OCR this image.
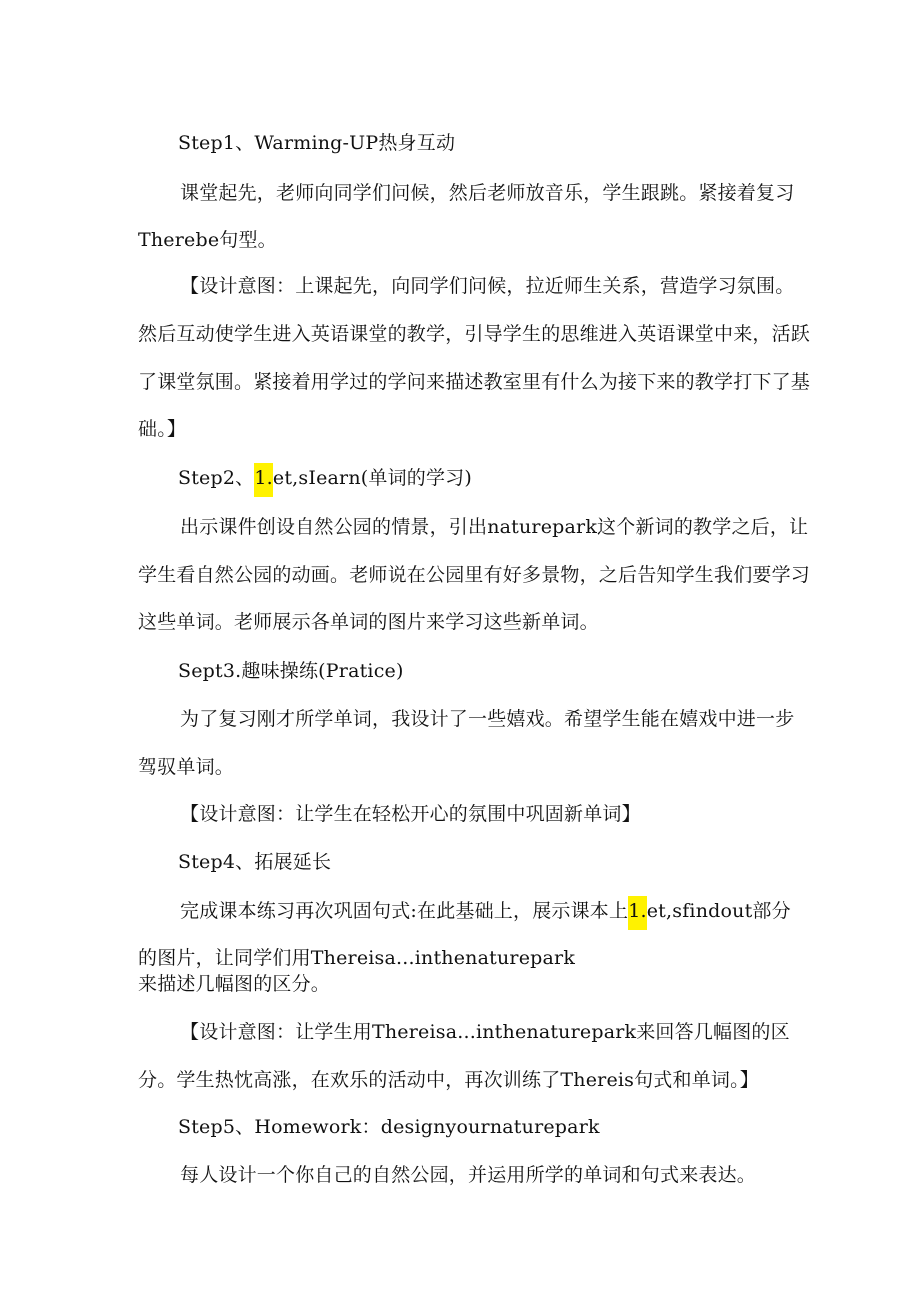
Step1、Warming-UP热身互动
课堂起先，老师向同学们问候，然后老师放音乐，学生跟跳。紧接着复习
Therebe句型。
【设计意图：上课起先，向同学们问候，拉近师生关系，营造学习氛围。
然后互动使学生进入英语课堂的教学，引导学生的思维进入英语课堂中来，活跃
了课堂氛围。紧接着用学过的学问来描述教室里有什么为接下来的教学打下了基
础。】
Step2、1.et,sIearn(单词的学习)
出示课件创设自然公园的情景，引出naturepark这个新词的教学之后，让
学生看自然公园的动画。老师说在公园里有好多景物，之后告知学生我们要学习
这些单词。老师展示各单词的图片来学习这些新单词。
Sept3.趣味操练(Pratice)
为了复习刚才所学单词，我设计了一些嬉戏。希望学生能在嬉戏中进一步
驾驭单词。
【设计意图：让学生在轻松开心的氛围中巩固新单词】
Step4、拓展延长
完成课本练习再次巩固句式:在此基础上，展示课本上1.et,sfindout部分
的图片，让同学们用Thereisa...inthenaturepark
来描述几幅图的区分。
【设计意图：让学生用Thereisa...inthenaturepark来回答几幅图的区
分。学生热忱高涨，在欢乐的活动中，再次训练了Thereis句式和单词。】
Step5、Homework：designyournaturepark
每人设计一个你自己的自然公园，并运用所学的单词和句式来表达。
